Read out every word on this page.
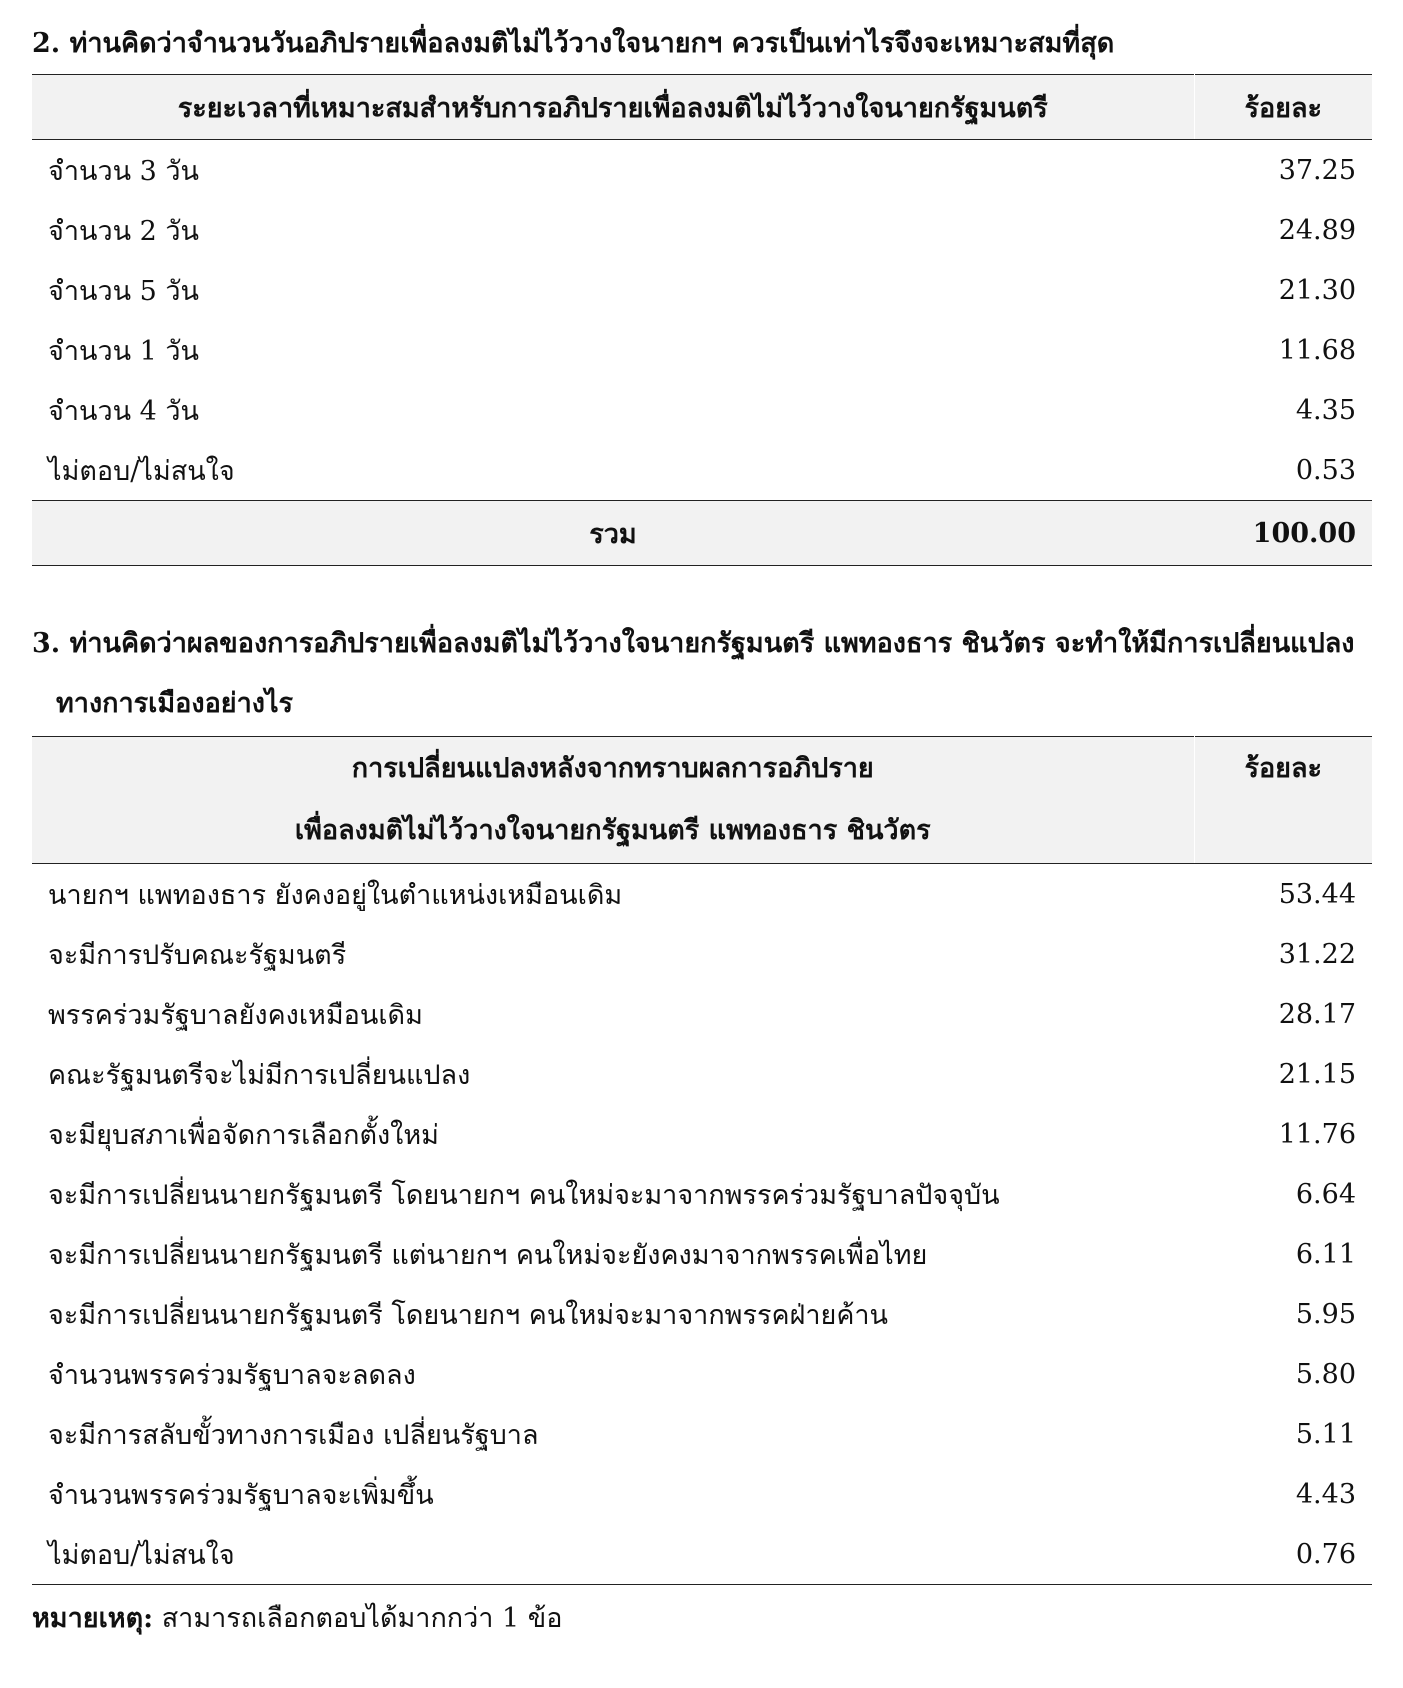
2. ท่านคิดว่าจำนวนวันอภิปรายเพื่อลงมติไม่ไว้วางใจนายกฯ ควรเป็นเท่าไรจึงจะเหมาะสมที่สุด

ระยะเวลาที่เหมาะสมสำหรับการอภิปรายเพื่อลงมติไม่ไว้วางใจนายกรัฐมนตรี	ร้อยละ
จำนวน 3 วัน	37.25
จำนวน 2 วัน	24.89
จำนวน 5 วัน	21.30
จำนวน 1 วัน	11.68
จำนวน 4 วัน	4.35
ไม่ตอบ/ไม่สนใจ	0.53
รวม	100.00

3. ท่านคิดว่าผลของการอภิปรายเพื่อลงมติไม่ไว้วางใจนายกรัฐมนตรี แพทองธาร ชินวัตร จะทำให้มีการเปลี่ยนแปลง
ทางการเมืองอย่างไร

การเปลี่ยนแปลงหลังจากทราบผลการอภิปราย
เพื่อลงมติไม่ไว้วางใจนายกรัฐมนตรี แพทองธาร ชินวัตร	ร้อยละ

นายกฯ แพทองธาร ยังคงอยู่ในตำแหน่งเหมือนเดิม	53.44
จะมีการปรับคณะรัฐมนตรี	31.22
พรรคร่วมรัฐบาลยังคงเหมือนเดิม	28.17
คณะรัฐมนตรีจะไม่มีการเปลี่ยนแปลง	21.15
จะมียุบสภาเพื่อจัดการเลือกตั้งใหม่	11.76
จะมีการเปลี่ยนนายกรัฐมนตรี โดยนายกฯ คนใหม่จะมาจากพรรคร่วมรัฐบาลปัจจุบัน	6.64
จะมีการเปลี่ยนนายกรัฐมนตรี แต่นายกฯ คนใหม่จะยังคงมาจากพรรคเพื่อไทย	6.11
จะมีการเปลี่ยนนายกรัฐมนตรี โดยนายกฯ คนใหม่จะมาจากพรรคฝ่ายค้าน	5.95
จำนวนพรรคร่วมรัฐบาลจะลดลง	5.80
จะมีการสลับขั้วทางการเมือง เปลี่ยนรัฐบาล	5.11
จำนวนพรรคร่วมรัฐบาลจะเพิ่มขึ้น	4.43
ไม่ตอบ/ไม่สนใจ	0.76

หมายเหตุ: สามารถเลือกตอบได้มากกว่า 1 ข้อ
